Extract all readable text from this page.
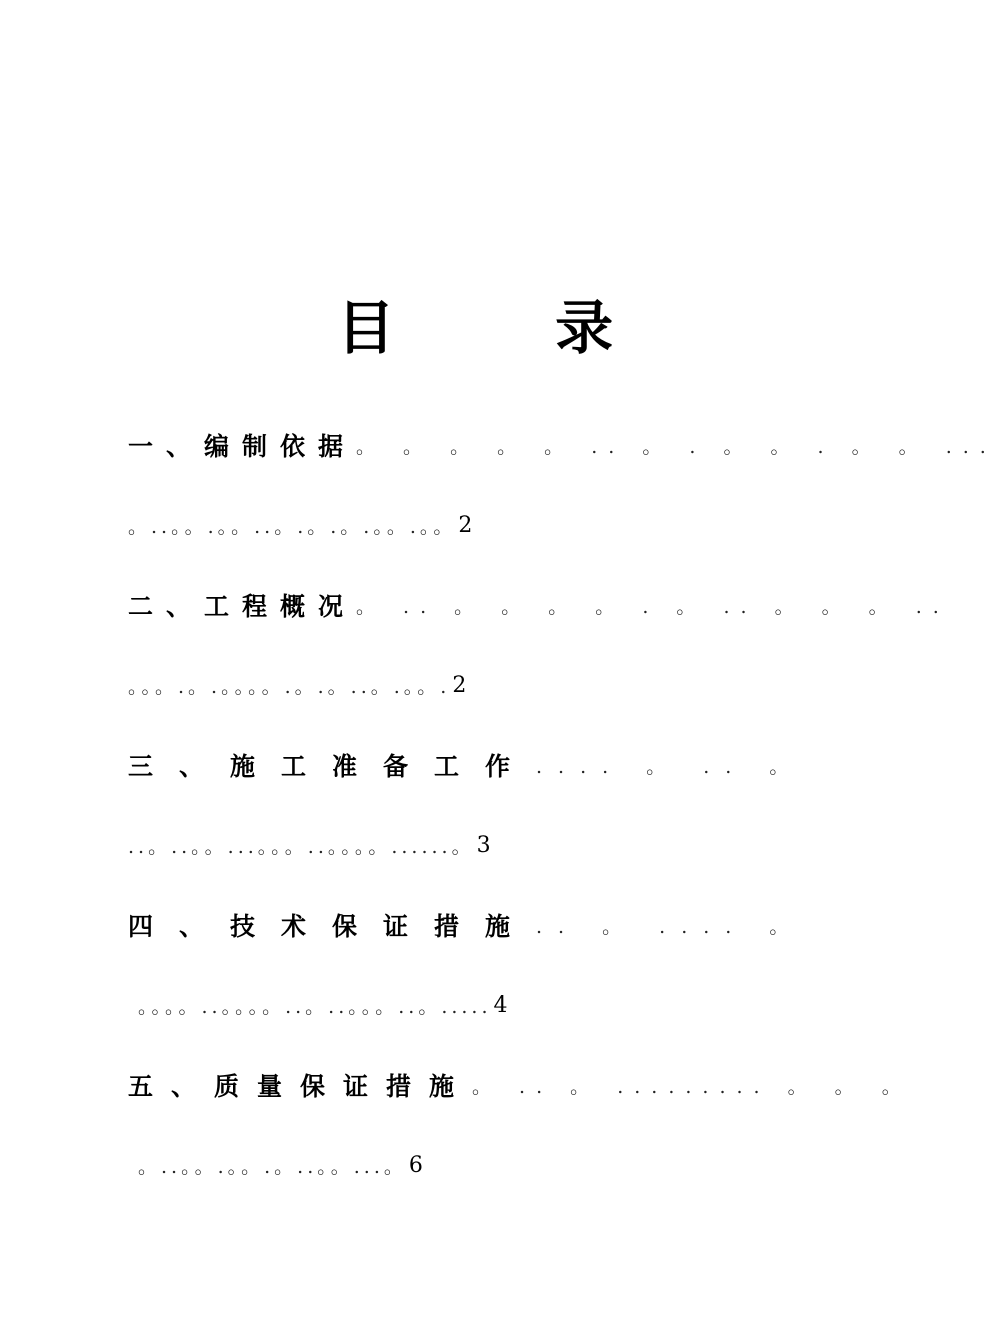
目 录
一、编制依据 。 。 。 。 。 .. 。 . 。 。 . 。 。 ...
。..。。.。。..。.。.。.。。.。。 2
二、工程概况 。 .. 。 。 。 。 . 。 .. 。 。 。 ..
。。。.。.。。。。.。.。..。.。。. 2
三、施工准备工作 .... 。 .. 。
..。..。。...。。。..。。。。......。 3
四、技术保证措施 .. 。 .... 。
。。。。..。。。。..。..。。。..。..... 4
五、质量保证措施 。 .. 。 ......... 。 。 。
。..。。.。。.。..。。...。 6
